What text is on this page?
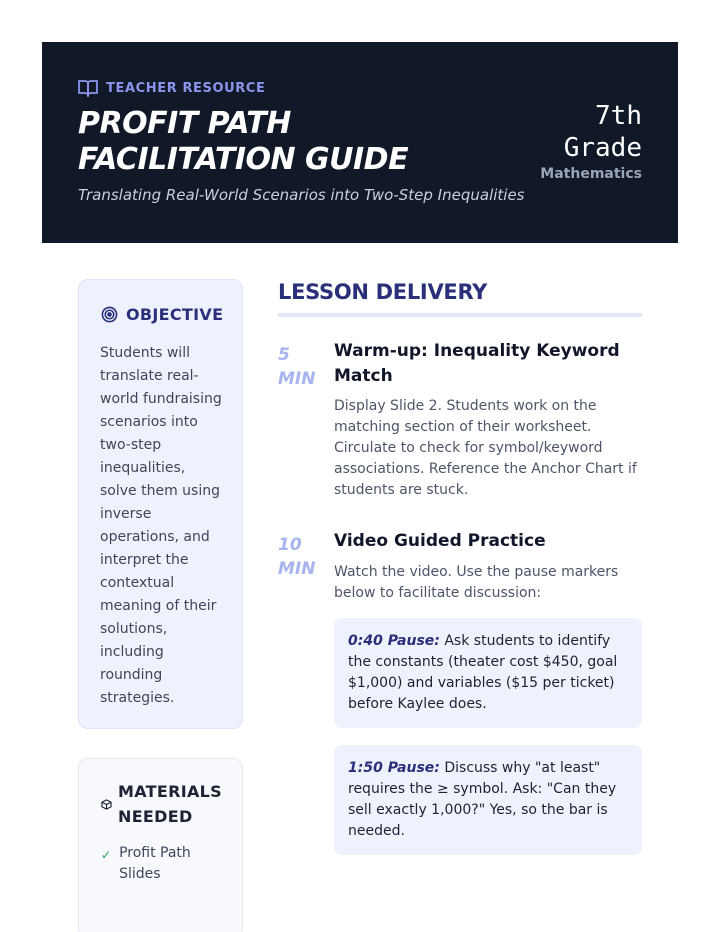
TEACHER RESOURCE
PROFIT PATH FACILITATION GUIDE
Translating Real-World Scenarios into Two-Step Inequalities
7th Grade
Mathematics
OBJECTIVE

Students will translate real-world fundraising scenarios into two-step inequalities, solve them using inverse operations, and interpret the contextual meaning of their solutions, including rounding strategies.

MATERIALS NEEDED
✓ Profit Path Slides
LESSON DELIVERY
5 MIN
Warm-up: Inequality Keyword Match

Display Slide 2. Students work on the matching section of their worksheet. Circulate to check for symbol/keyword associations. Reference the Anchor Chart if students are stuck.

10 MIN
Video Guided Practice

Watch the video. Use the pause markers below to facilitate discussion:

0:40 Pause: Ask students to identify the constants (theater cost $450, goal $1,000) and variables ($15 per ticket) before Kaylee does.
1:50 Pause: Discuss why "at least" requires the ≥ symbol. Ask: "Can they sell exactly 1,000?" Yes, so the bar is needed.
